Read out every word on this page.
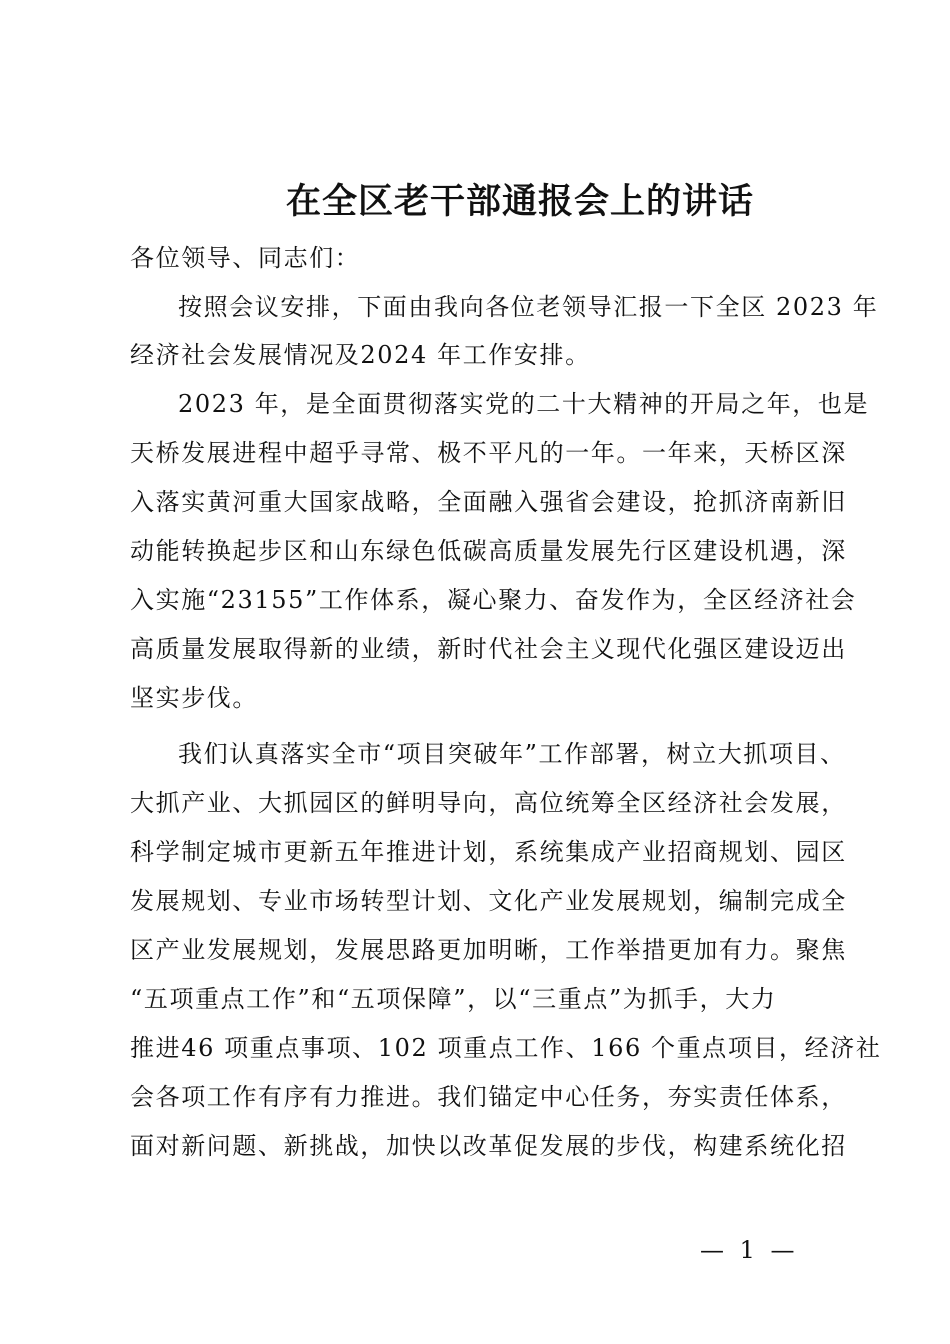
在全区老干部通报会上的讲话
各位领导、同志们：
按照会议安排，下面由我向各位老领导汇报一下全区 2023 年
经济社会发展情况及2024 年工作安排。
2023 年，是全面贯彻落实党的二十大精神的开局之年，也是
天桥发展进程中超乎寻常、极不平凡的一年。一年来，天桥区深
入落实黄河重大国家战略，全面融入强省会建设，抢抓济南新旧
动能转换起步区和山东绿色低碳高质量发展先行区建设机遇，深
入实施“23155”工作体系，凝心聚力、奋发作为，全区经济社会
高质量发展取得新的业绩，新时代社会主义现代化强区建设迈出
坚实步伐。
我们认真落实全市“项目突破年”工作部署，树立大抓项目、
大抓产业、大抓园区的鲜明导向，高位统筹全区经济社会发展，
科学制定城市更新五年推进计划，系统集成产业招商规划、园区
发展规划、专业市场转型计划、文化产业发展规划，编制完成全
区产业发展规划，发展思路更加明晰，工作举措更加有力。聚焦
“五项重点工作”和“五项保障”，以“三重点”为抓手，大力
推进46 项重点事项、102 项重点工作、166 个重点项目，经济社
会各项工作有序有力推进。我们锚定中心任务，夯实责任体系，
面对新问题、新挑战，加快以改革促发展的步伐，构建系统化招
— 1 —
